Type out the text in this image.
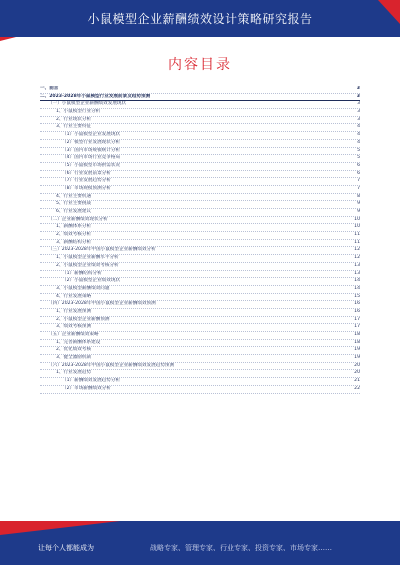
小鼠模型企业薪酬绩效设计策略研究报告
内容目录
一、前言	3
二、2023-2028年小鼠模型行业发展前景及趋势预测	3
（一）小鼠模型企业薪酬绩效发展现状	3
1、小鼠模型行业分析	3
2、行业现状分析	3
3、行业主要特征	4
（1）小鼠模型企业发展现状	4
（2）模型行业发展现状分析	4
（3）国内市场规模统计分析	5
（4）国内市场行业竞争格局	5
（5）小鼠模型市场供需状况	6
（6）行业发展前景分析	6
（7）行业发展趋势分析	7
（8）市场规模预测分析	7
4、行业主要机遇	8
5、行业主要挑战	9
6、行业发展建议	9
（二）企业薪酬绩效现状分析	10
1、薪酬体系分析	10
2、绩效考核分析	11
3、薪酬结构分析	11
（三）2023-2028年中国小鼠模型企业薪酬绩效分析	12
1、小鼠模型企业薪酬水平分析	12
2、小鼠模型企业绩效考核分析	13
（1）薪酬结构分析	13
（2）小鼠模型企业绩效现状	14
3、小鼠模型薪酬绩效问题	14
4、行业发展策略	15
（四）2023-2028年中国小鼠模型企业薪酬绩效预测	16
1、行业发展预测	16
2、小鼠模型企业薪酬预测	17
3、绩效考核预测	17
（五）企业薪酬绩效策略	18
1、完善薪酬体系建设	18
2、优化绩效考核	19
3、健全激励机制	19
（六）2023-2028年中国小鼠模型企业薪酬绩效发展趋势预测	20
1、行业发展趋势	20
（1）薪酬绩效发展趋势分析	21
（2）市场薪酬绩效分析	22
让每个人都能成为	战略专家、管理专家、行业专家、投资专家、市场专家……
